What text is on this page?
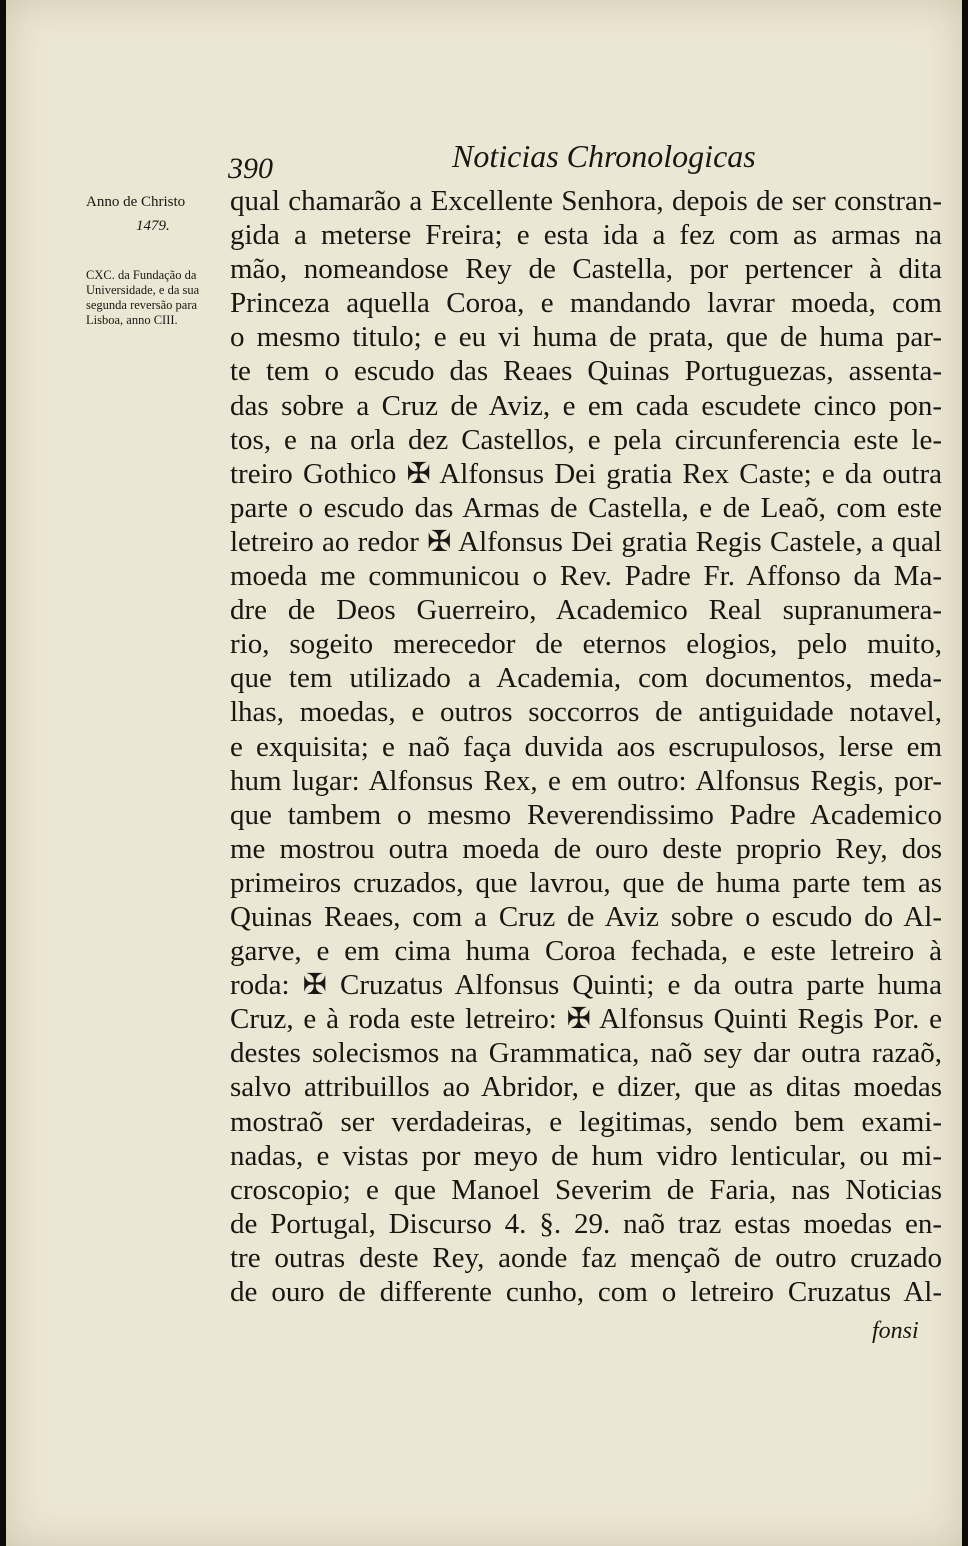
390	Noticias Chronologicas
Anno de Christo
1479.
CXC. da Fundação da Universidade, e da sua segunda reversão para Lisboa, anno CIII.
qual chamarão a Excellente Senhora, depois de ser constran-
gida a meterse Freira; e esta ida a fez com as armas na
mão, nomeandose Rey de Castella, por pertencer à dita
Princeza aquella Coroa, e mandando lavrar moeda, com
o mesmo titulo; e eu vi huma de prata, que de huma par-
te tem o escudo das Reaes Quinas Portuguezas, assenta-
das sobre a Cruz de Aviz, e em cada escudete cinco pon-
tos, e na orla dez Castellos, e pela circunferencia este le-
treiro Gothico ✠ Alfonsus Dei gratia Rex Caste; e da outra
parte o escudo das Armas de Castella, e de Leaõ, com este
letreiro ao redor ✠ Alfonsus Dei gratia Regis Castele, a qual
moeda me communicou o Rev. Padre Fr. Affonso da Ma-
dre de Deos Guerreiro, Academico Real supranumera-
rio, sogeito merecedor de eternos elogios, pelo muito,
que tem utilizado a Academia, com documentos, meda-
lhas, moedas, e outros soccorros de antiguidade notavel,
e exquisita; e naõ faça duvida aos escrupulosos, lerse em
hum lugar: Alfonsus Rex, e em outro: Alfonsus Regis, por-
que tambem o mesmo Reverendissimo Padre Academico
me mostrou outra moeda de ouro deste proprio Rey, dos
primeiros cruzados, que lavrou, que de huma parte tem as
Quinas Reaes, com a Cruz de Aviz sobre o escudo do Al-
garve, e em cima huma Coroa fechada, e este letreiro à
roda: ✠ Cruzatus Alfonsus Quinti; e da outra parte huma
Cruz, e à roda este letreiro: ✠ Alfonsus Quinti Regis Por. e
destes solecismos na Grammatica, naõ sey dar outra razaõ,
salvo attribuillos ao Abridor, e dizer, que as ditas moedas
mostraõ ser verdadeiras, e legitimas, sendo bem exami-
nadas, e vistas por meyo de hum vidro lenticular, ou mi-
croscopio; e que Manoel Severim de Faria, nas Noticias
de Portugal, Discurso 4. §. 29. naõ traz estas moedas en-
tre outras deste Rey, aonde faz mençaõ de outro cruzado
de ouro de differente cunho, com o letreiro Cruzatus Al-
fonsi
